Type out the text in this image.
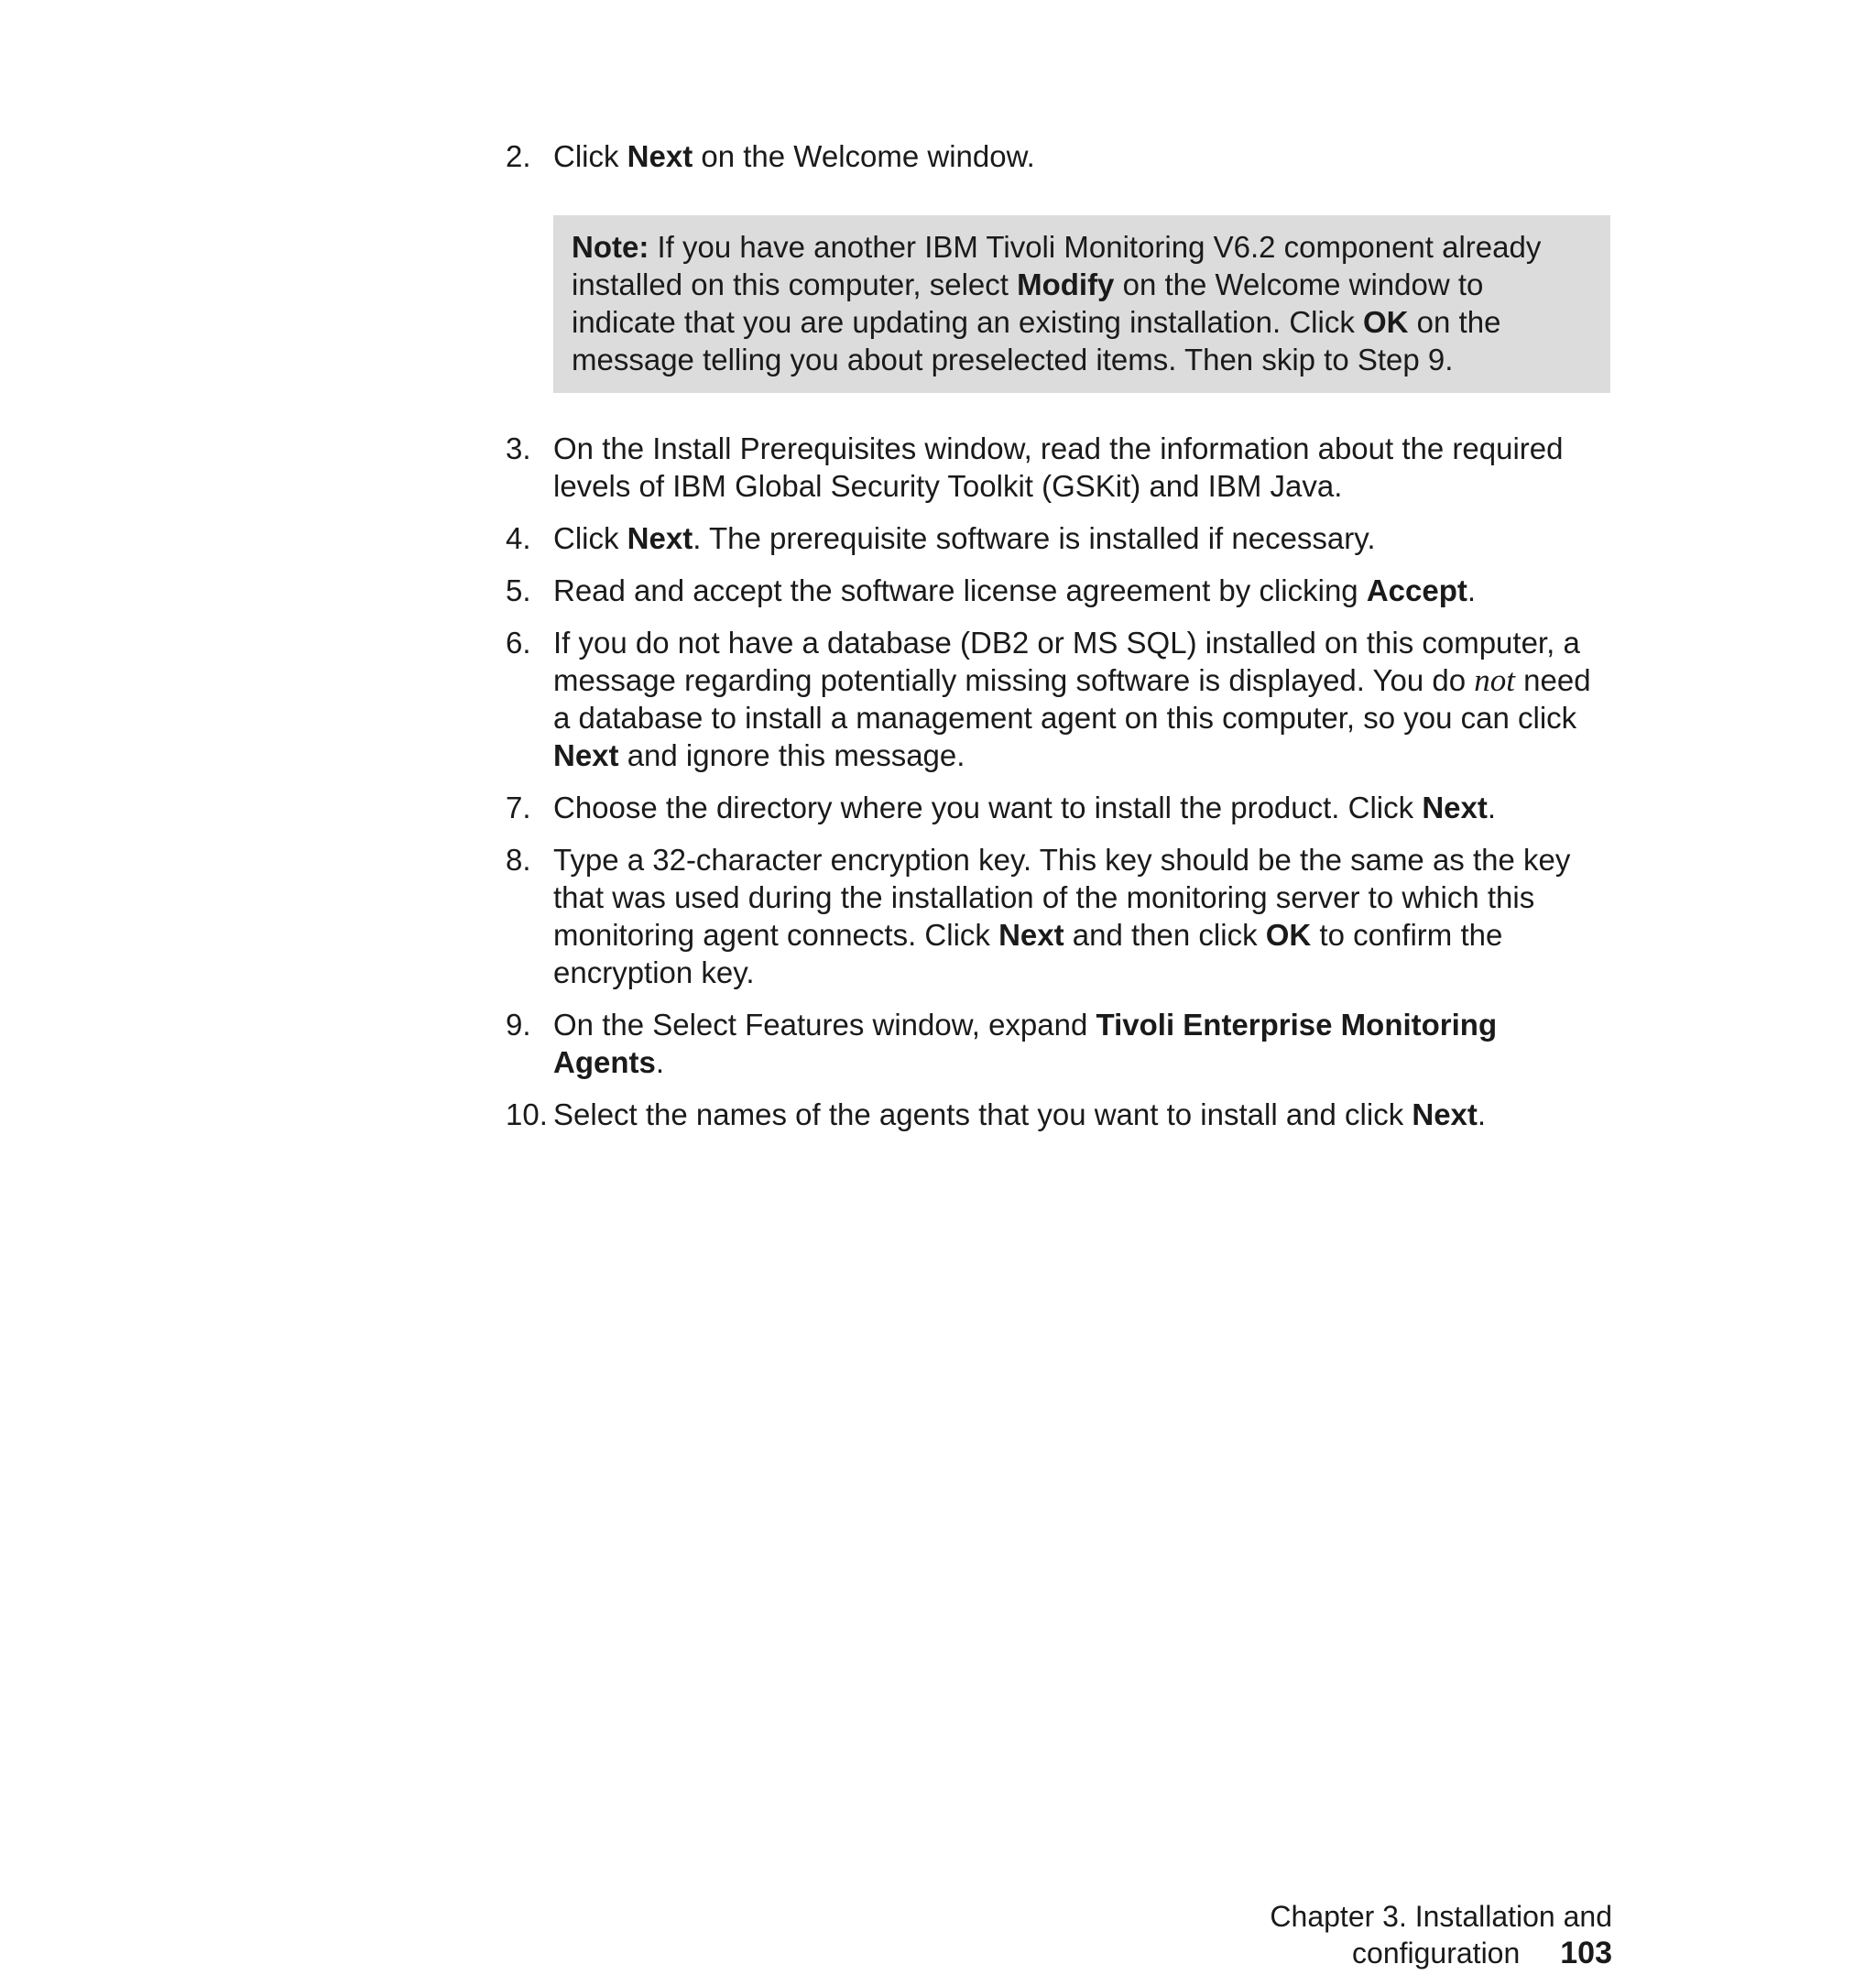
2. Click Next on the Welcome window.
Note: If you have another IBM Tivoli Monitoring V6.2 component already installed on this computer, select Modify on the Welcome window to indicate that you are updating an existing installation. Click OK on the message telling you about preselected items. Then skip to Step 9.
3. On the Install Prerequisites window, read the information about the required levels of IBM Global Security Toolkit (GSKit) and IBM Java.
4. Click Next. The prerequisite software is installed if necessary.
5. Read and accept the software license agreement by clicking Accept.
6. If you do not have a database (DB2 or MS SQL) installed on this computer, a message regarding potentially missing software is displayed. You do not need a database to install a management agent on this computer, so you can click Next and ignore this message.
7. Choose the directory where you want to install the product. Click Next.
8. Type a 32-character encryption key. This key should be the same as the key that was used during the installation of the monitoring server to which this monitoring agent connects. Click Next and then click OK to confirm the encryption key.
9. On the Select Features window, expand Tivoli Enterprise Monitoring Agents.
10. Select the names of the agents that you want to install and click Next.
Chapter 3. Installation and configuration 103
